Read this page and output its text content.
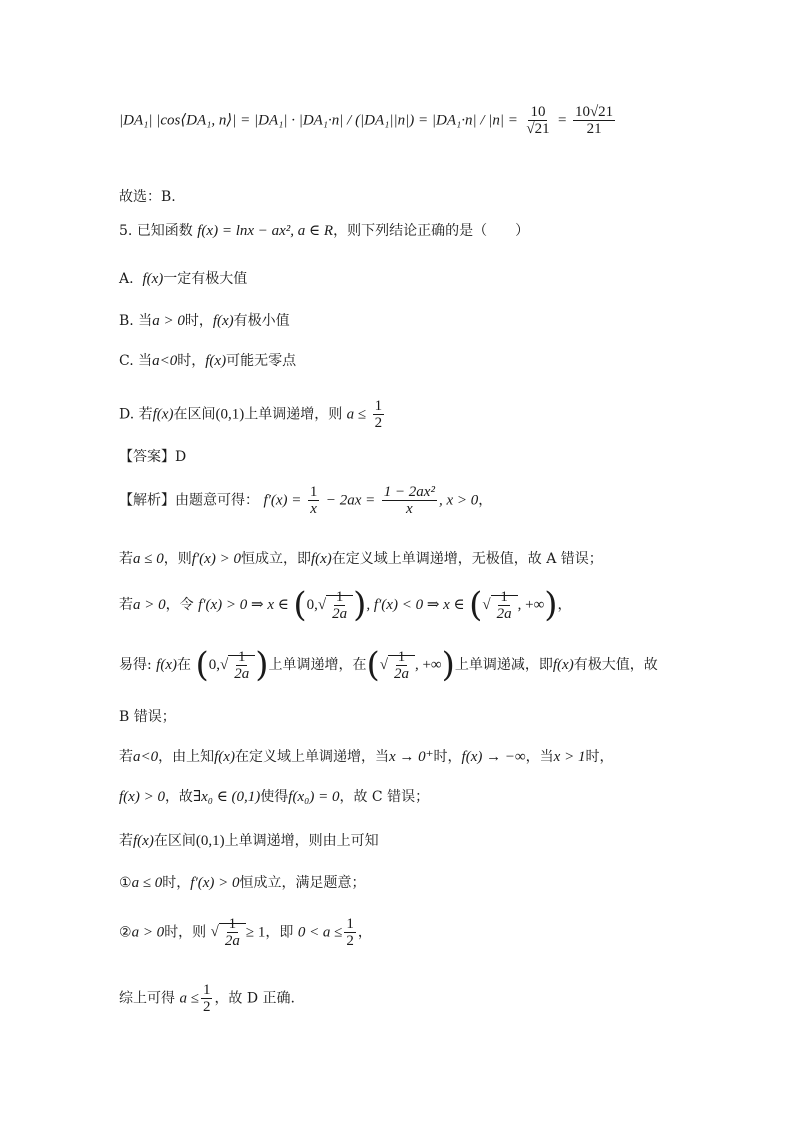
|DA₁| |cos⟨DA₁, n⟩| = $|DA_1| \cdot |DA_1\cdot n| / (|DA_1||n|) = |DA_1\cdot n| / |n| = \frac{10}{√21} = \frac{10√21}{21}$
故选：B.
5. 已知函数 f(x) = lnx − ax², a ∈ R，则下列结论正确的是（　　）
A. f(x)一定有极大值
B. 当a > 0时，f(x)有极小值
C. 当a<0时，f(x)可能无零点
D. 若f(x)在区间(0,1)上单调递增，则 $a \le \frac{1}{2}$
【答案】D
【解析】由题意可得： $f'(x) = \frac{1}{x} - 2ax = \frac{\text{1 − 2ax²}}{x}$ , x > 0，
若a ≤ 0，则f′(x) > 0恒成立，即f(x)在定义域上单调递增，无极值，故 A 错误；
若a > 0，令 f′(x) > 0 ⇒ x ∈ ($0,√ \frac{1}{2a}$ ), f′(x) < 0 ⇒ x ∈ (√ $\frac{1}{2a}$ , +∞)，
易得: f(x)在 ($0,√ \frac{1}{2a}$ )上单调递增，在(√ $\frac{1}{2a}$ , +∞)上单调递减，即f(x)有极大值，故
B 错误；
若a<0，由上知f(x)在定义域上单调递增，当x → 0⁺时，f(x) → −∞，当x > 1时，
f(x) > 0，故∃x₀ ∈ (0,1)使得f(x₀) = 0，故 C 错误；
若f(x)在区间(0,1)上单调递增，则由上可知
①a ≤ 0时，f′(x) > 0恒成立，满足题意；
②a > 0时，则 √ $\frac{1}{2a} \ge 1$，即 $0 < a \le \frac{1}{2}$ ，
综上可得 $a \le \frac{1}{2}$ ，故 D 正确.
